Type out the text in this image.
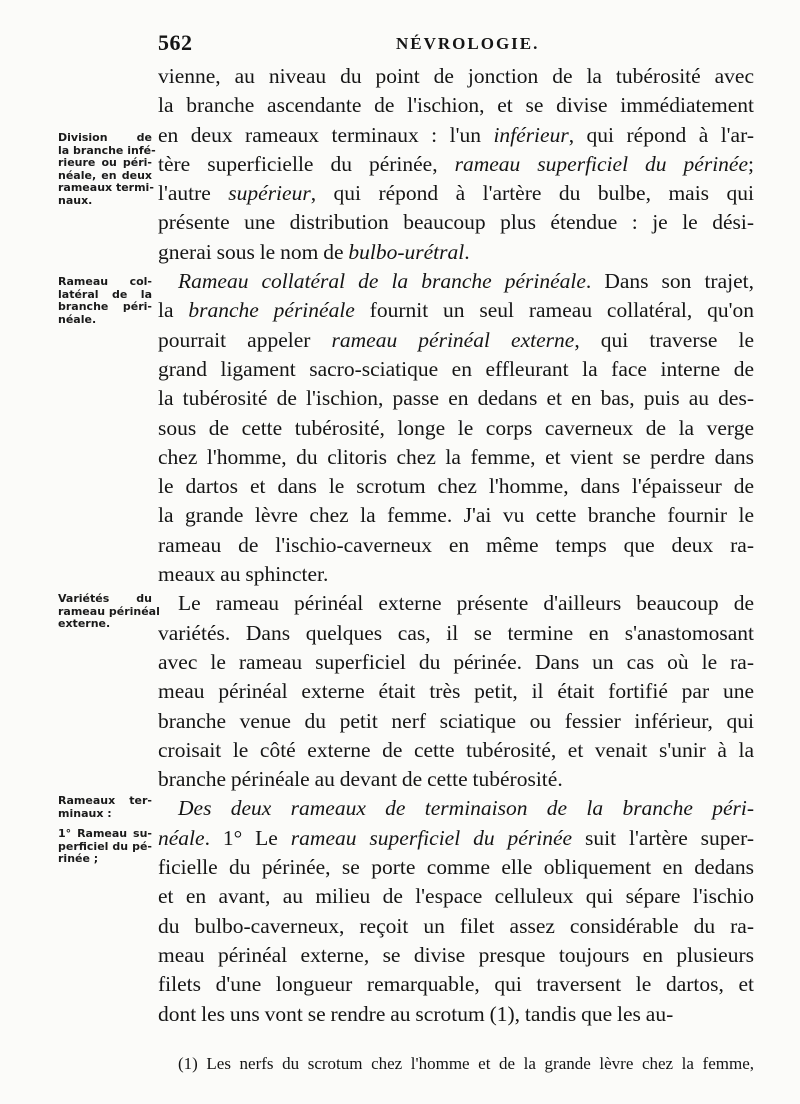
562	NÉVROLOGIE.
Division de
la branche infé-
rieure ou péri-
néale, en deux
rameaux termi-
naux.
Rameau col-
latéral de la
branche péri-
néale.
Variétés du
rameau périnéal
externe.
Rameaux ter-
minaux :
1° Rameau su-
perficiel du pé-
rinée ;
vienne, au niveau du point de jonction de la tubérosité avec
la branche ascendante de l'ischion, et se divise immédiatement
en deux rameaux terminaux : l'un inférieur, qui répond à l'ar-
tère superficielle du périnée, rameau superficiel du périnée;
l'autre supérieur, qui répond à l'artère du bulbe, mais qui
présente une distribution beaucoup plus étendue : je le dési-
gnerai sous le nom de bulbo-urétral.
Rameau collatéral de la branche périnéale. Dans son trajet,
la branche périnéale fournit un seul rameau collatéral, qu'on
pourrait appeler rameau périnéal externe, qui traverse le
grand ligament sacro-sciatique en effleurant la face interne de
la tubérosité de l'ischion, passe en dedans et en bas, puis au des-
sous de cette tubérosité, longe le corps caverneux de la verge
chez l'homme, du clitoris chez la femme, et vient se perdre dans
le dartos et dans le scrotum chez l'homme, dans l'épaisseur de
la grande lèvre chez la femme. J'ai vu cette branche fournir le
rameau de l'ischio-caverneux en même temps que deux ra-
meaux au sphincter.
Le rameau périnéal externe présente d'ailleurs beaucoup de
variétés. Dans quelques cas, il se termine en s'anastomosant
avec le rameau superficiel du périnée. Dans un cas où le ra-
meau périnéal externe était très petit, il était fortifié par une
branche venue du petit nerf sciatique ou fessier inférieur, qui
croisait le côté externe de cette tubérosité, et venait s'unir à la
branche périnéale au devant de cette tubérosité.
Des deux rameaux de terminaison de la branche péri-
néale. 1° Le rameau superficiel du périnée suit l'artère super-
ficielle du périnée, se porte comme elle obliquement en dedans
et en avant, au milieu de l'espace celluleux qui sépare l'ischio
du bulbo-caverneux, reçoit un filet assez considérable du ra-
meau périnéal externe, se divise presque toujours en plusieurs
filets d'une longueur remarquable, qui traversent le dartos, et
dont les uns vont se rendre au scrotum (1), tandis que les au-
(1) Les nerfs du scrotum chez l'homme et de la grande lèvre chez la femme,
